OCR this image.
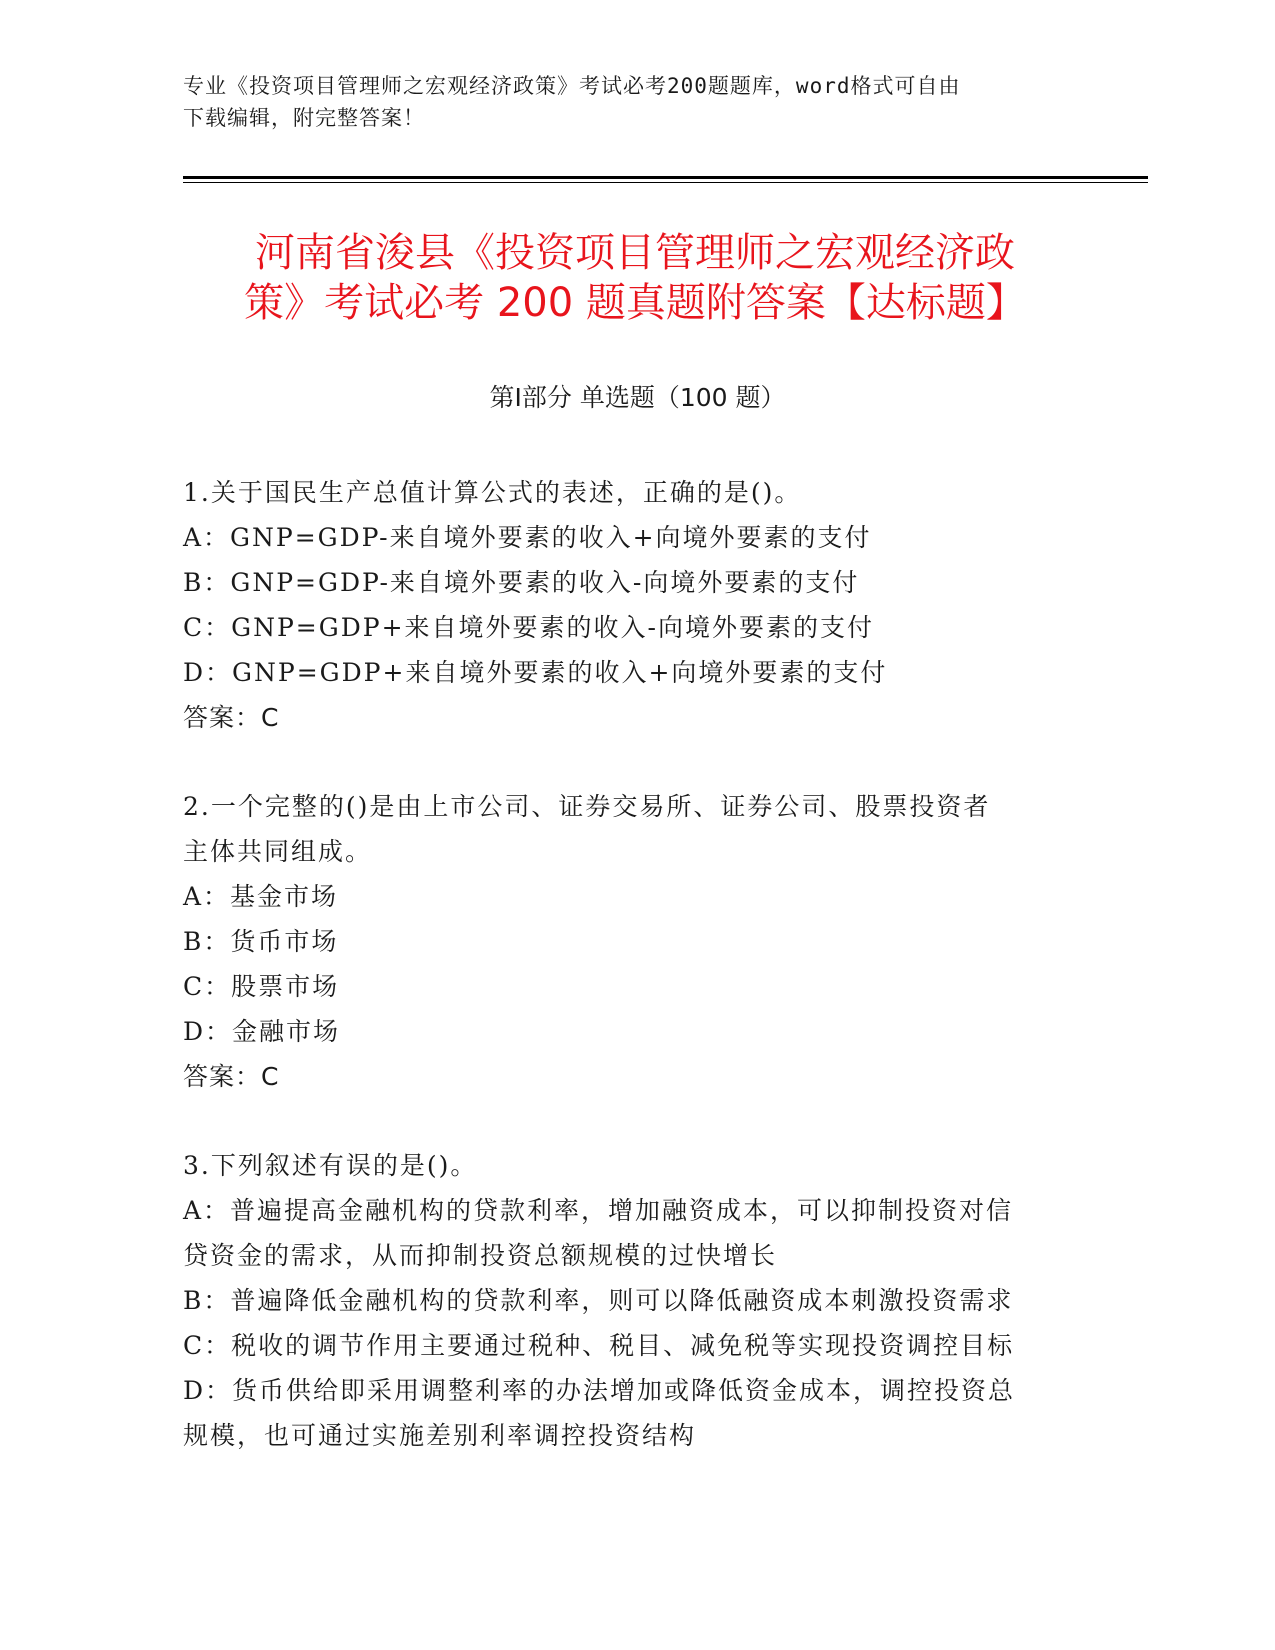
专业《投资项目管理师之宏观经济政策》考试必考200题题库，word格式可自由
下载编辑，附完整答案！
河南省浚县《投资项目管理师之宏观经济政
策》考试必考 200 题真题附答案【达标题】
第Ⅰ部分 单选题（100 题）
1.关于国民生产总值计算公式的表述，正确的是()。
A：GNP=GDP-来自境外要素的收入+向境外要素的支付
B：GNP=GDP-来自境外要素的收入-向境外要素的支付
C：GNP=GDP+来自境外要素的收入-向境外要素的支付
D：GNP=GDP+来自境外要素的收入+向境外要素的支付
答案：C
2.一个完整的()是由上市公司、证券交易所、证券公司、股票投资者
主体共同组成。
A：基金市场
B：货币市场
C：股票市场
D：金融市场
答案：C
3.下列叙述有误的是()。
A：普遍提高金融机构的贷款利率，增加融资成本，可以抑制投资对信
贷资金的需求，从而抑制投资总额规模的过快增长
B：普遍降低金融机构的贷款利率，则可以降低融资成本刺激投资需求
C：税收的调节作用主要通过税种、税目、减免税等实现投资调控目标
D：货币供给即采用调整利率的办法增加或降低资金成本，调控投资总
规模，也可通过实施差别利率调控投资结构
